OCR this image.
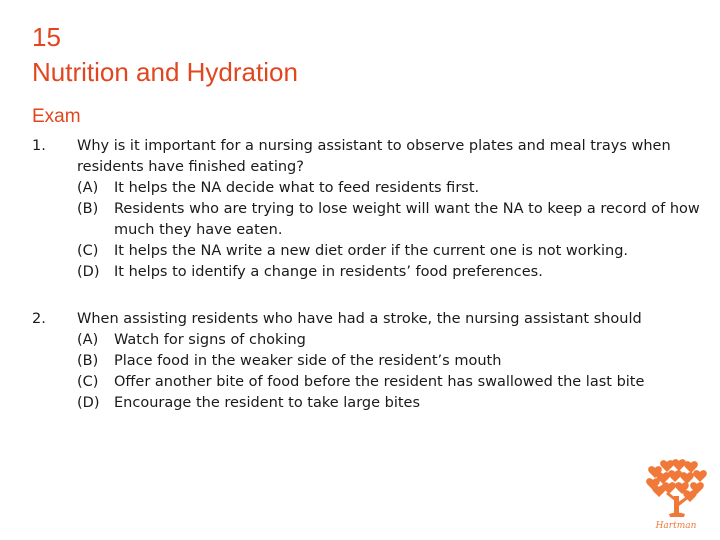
15
Nutrition and Hydration
Exam
1.	Why is it important for a nursing assistant to observe plates and meal trays when residents have finished eating?

(A)	It helps the NA decide what to feed residents first.
(B)	Residents who are trying to lose weight will want the NA to keep a record of how much they have eaten.
(C)	It helps the NA write a new diet order if the current one is not working.
(D)	It helps to identify a change in residents’ food preferences.
2.	When assisting residents who have had a stroke, the nursing assistant should

(A)	Watch for signs of choking
(B)	Place food in the weaker side of the resident’s mouth
(C)	Offer another bite of food before the resident has swallowed the last bite
(D)	Encourage the resident to take large bites
Hartman
